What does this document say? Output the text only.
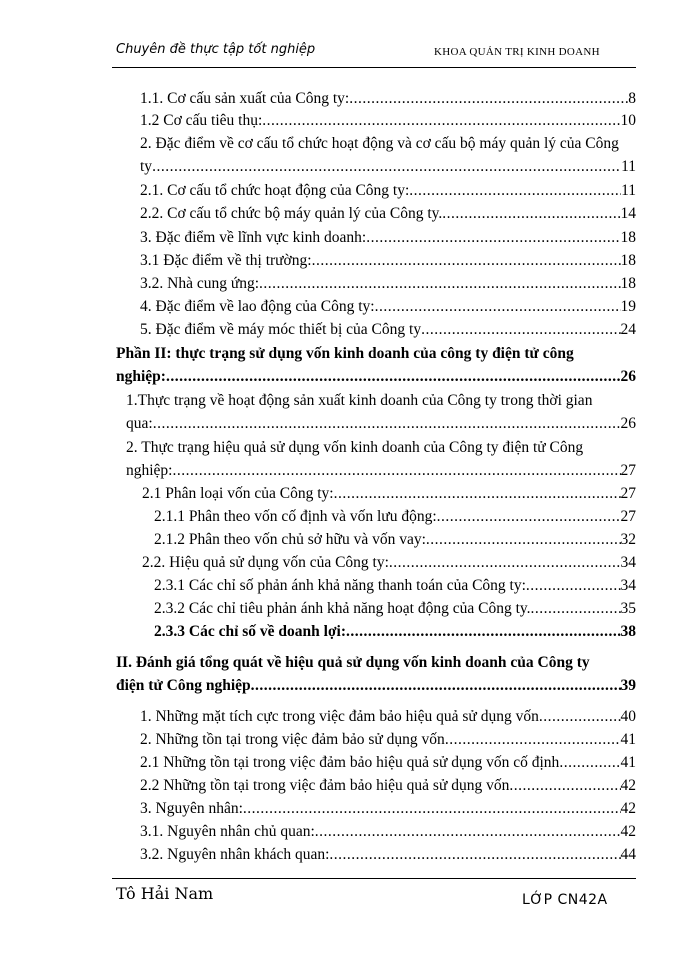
Chuyên đề thực tập tốt nghiệp	KHOA QUẢN TRỊ KINH DOANH
1.1. Cơ cấu sản xuất của Công ty: .....	8
1.2 Cơ cấu tiêu thụ: .....	10
2. Đặc điểm về cơ cấu tổ chức hoạt động và cơ cấu bộ máy quản lý của Công
ty .....	11
2.1. Cơ cấu tổ chức hoạt động của Công ty: .....	11
2.2. Cơ cấu tổ chức bộ máy quản lý của Công ty. .....	14
3. Đặc điểm về lĩnh vực kinh doanh: .....	18
3.1 Đặc điểm về thị trường: .....	18
3.2. Nhà cung ứng: .....	18
4. Đặc điểm về lao động của Công ty: .....	19
5. Đặc điểm về máy móc thiết bị của Công ty .....	24
Phần II: thực trạng sử dụng vốn kinh doanh của công ty điện tử công
nghiệp: .....	26
1.Thực trạng về hoạt động sản xuất kinh doanh của Công ty trong thời gian
qua: .....	26
2. Thực trạng hiệu quả sử dụng vốn kinh doanh của Công ty điện tử Công
nghiệp: .....	27
2.1 Phân loại vốn của Công ty: .....	27
2.1.1 Phân theo vốn cố định và vốn lưu động: .....	27
2.1.2 Phân theo vốn chủ sở hữu và vốn vay: .....	32
2.2. Hiệu quả sử dụng vốn của Công ty: .....	34
2.3.1 Các chỉ số phản ánh khả năng thanh toán của Công ty: .....	34
2.3.2 Các chỉ tiêu phản ánh khả năng hoạt động của Công ty. .....	35
2.3.3 Các chỉ số về doanh lợi: .....	38
II. Đánh giá tổng quát về hiệu quả sử dụng vốn kinh doanh của Công ty
điện tử Công nghiệp .....	39
1. Những mặt tích cực trong việc đảm bảo hiệu quả sử dụng vốn .....	40
2. Những tồn tại trong việc đảm bảo sử dụng vốn .....	41
2.1 Những tồn tại trong việc đảm bảo hiệu quả sử dụng vốn cố định .....	41
2.2 Những tồn tại trong việc đảm bảo hiệu quả sử dụng vốn .....	42
3. Nguyên nhân: .....	42
3.1. Nguyên nhân chủ quan: .....	42
3.2. Nguyên nhân khách quan: .....	44
Tô Hải Nam	LỚP CN42A
